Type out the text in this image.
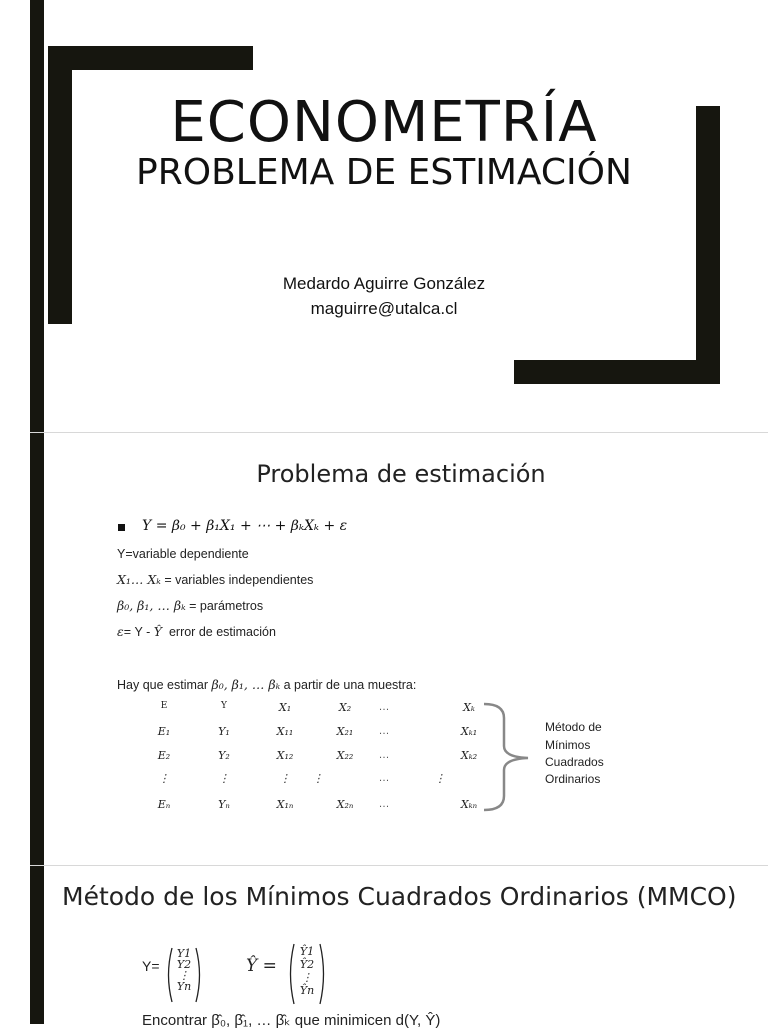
ECONOMETRÍA
PROBLEMA DE ESTIMACIÓN
Medardo Aguirre González
maguirre@utalca.cl
Problema de estimación
Y = β₀ + β₁X₁ + ⋯ + βₖXₖ + ε
Y=variable dependiente
X₁… Xₖ = variables independientes
β₀, β₁, … βₖ = parámetros
ε= Y - Ŷ error de estimación
Hay que estimar β₀, β₁, … βₖ a partir de una muestra:
E	Y	X₁	X₂	…	Xₖ
E₁	Y₁	X₁₁	X₂₁	…	Xₖ₁
E₂	Y₂	X₁₂	X₂₂	…	Xₖ₂
⋮	⋮	⋮	⋮	…	⋮
Eₙ	Yₙ	X₁ₙ	X₂ₙ	…	Xₖₙ
Método de
Mínimos
Cuadrados
Ordinarios
Método de los Mínimos Cuadrados Ordinarios (MMCO)
Y=
Y1
Y2
⋮
Yn
Ŷ =
Ŷ1
Ŷ2
⋮
Ŷn
Encontrar β̂₀, β̂₁, … β̂ₖ que minimicen d(Y, Ŷ)
